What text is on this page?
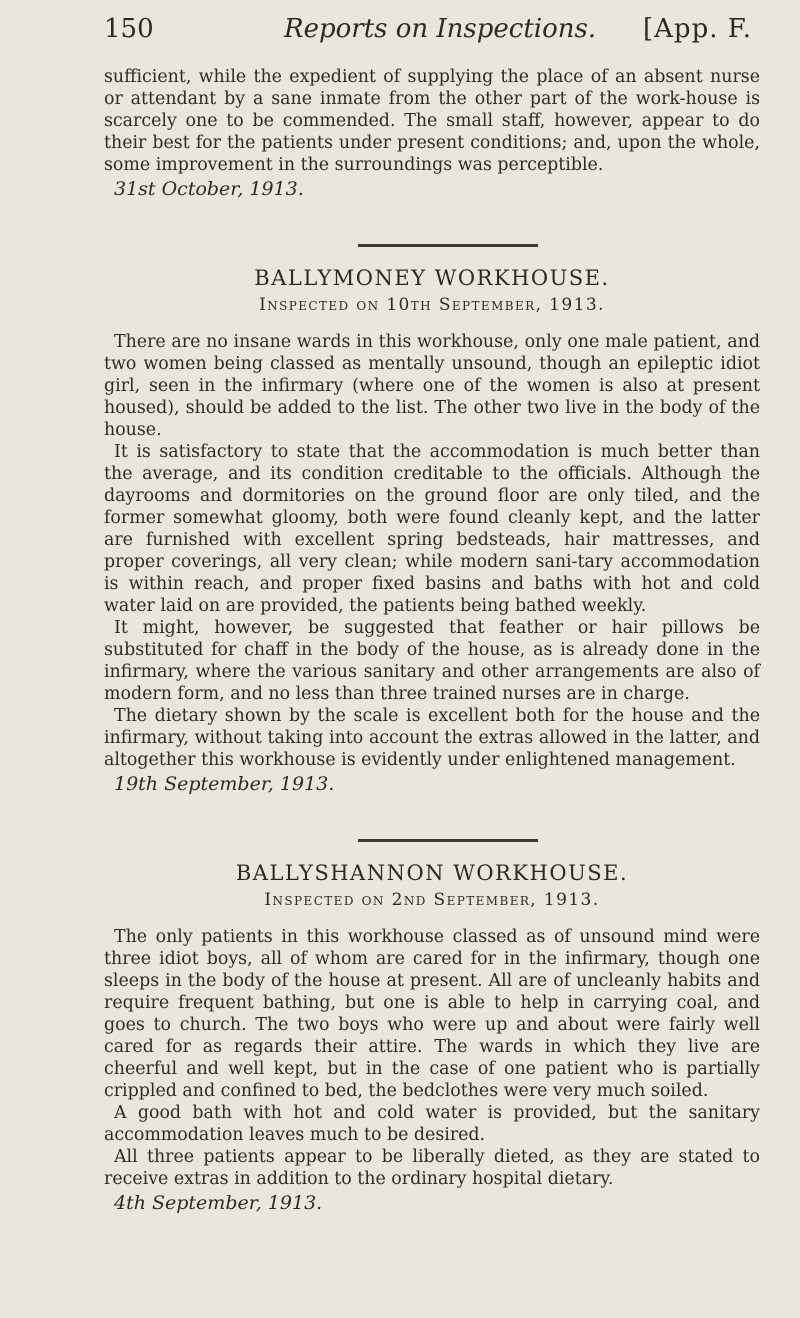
150	Reports on Inspections. [App. F.

sufficient, while the expedient of supplying the place of an absent nurse or attendant by a sane inmate from the other part of the work-house is scarcely one to be commended. The small staff, however, appear to do their best for the patients under present conditions; and, upon the whole, some improvement in the surroundings was perceptible.

31st October, 1913.
BALLYMONEY WORKHOUSE.
Inspected on 10th September, 1913.

There are no insane wards in this workhouse, only one male patient, and two women being classed as mentally unsound, though an epileptic idiot girl, seen in the infirmary (where one of the women is also at present housed), should be added to the list. The other two live in the body of the house.

It is satisfactory to state that the accommodation is much better than the average, and its condition creditable to the officials. Although the dayrooms and dormitories on the ground floor are only tiled, and the former somewhat gloomy, both were found cleanly kept, and the latter are furnished with excellent spring bedsteads, hair mattresses, and proper coverings, all very clean; while modern sani-tary accommodation is within reach, and proper fixed basins and baths with hot and cold water laid on are provided, the patients being bathed weekly.

It might, however, be suggested that feather or hair pillows be substituted for chaff in the body of the house, as is already done in the infirmary, where the various sanitary and other arrangements are also of modern form, and no less than three trained nurses are in charge.

The dietary shown by the scale is excellent both for the house and the infirmary, without taking into account the extras allowed in the latter, and altogether this workhouse is evidently under enlightened management.

19th September, 1913.
BALLYSHANNON WORKHOUSE.
Inspected on 2nd September, 1913.

The only patients in this workhouse classed as of unsound mind were three idiot boys, all of whom are cared for in the infirmary, though one sleeps in the body of the house at present. All are of uncleanly habits and require frequent bathing, but one is able to help in carrying coal, and goes to church. The two boys who were up and about were fairly well cared for as regards their attire. The wards in which they live are cheerful and well kept, but in the case of one patient who is partially crippled and confined to bed, the bedclothes were very much soiled.

A good bath with hot and cold water is provided, but the sanitary accommodation leaves much to be desired.

All three patients appear to be liberally dieted, as they are stated to receive extras in addition to the ordinary hospital dietary.

4th September, 1913.
